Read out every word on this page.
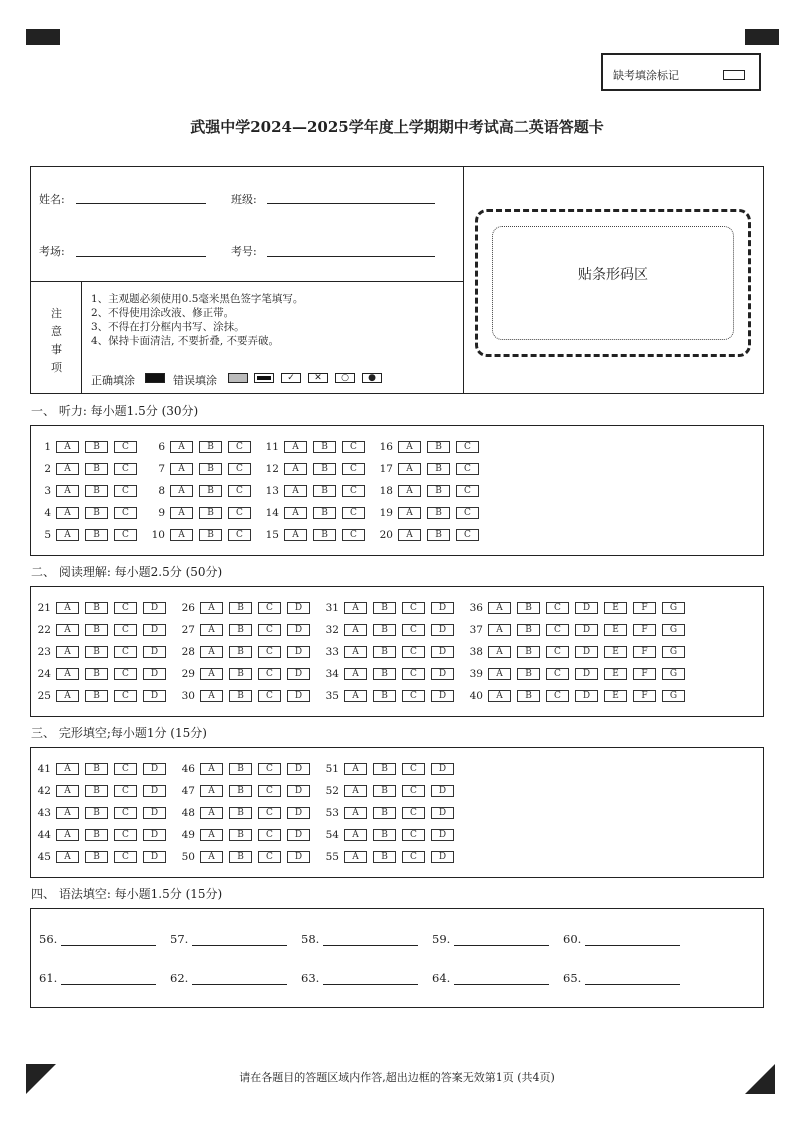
缺考填涂标记
武强中学2024—2025学年度上学期期中考试高二英语答题卡
姓名:	班级:
考场:	考号:
注
意
事
项
1、主观题必须使用0.5毫米黑色签字笔填写。
2、不得使用涂改液、修正带。
3、不得在打分框内书写、涂抹。
4、保持卡面清洁, 不要折叠, 不要弄破。
正确填涂	错误填涂	✓	✕	○	●
贴条形码区
一、 听力: 每小题1.5分 (30分)
1	A	B	C
2	A	B	C
3	A	B	C
4	A	B	C
5	A	B	C
6	A	B	C
7	A	B	C
8	A	B	C
9	A	B	C
10	A	B	C
11	A	B	C
12	A	B	C
13	A	B	C
14	A	B	C
15	A	B	C
16	A	B	C
17	A	B	C
18	A	B	C
19	A	B	C
20	A	B	C
二、 阅读理解: 每小题2.5分 (50分)
21	A	B	C	D
22	A	B	C	D
23	A	B	C	D
24	A	B	C	D
25	A	B	C	D
26	A	B	C	D
27	A	B	C	D
28	A	B	C	D
29	A	B	C	D
30	A	B	C	D
31	A	B	C	D
32	A	B	C	D
33	A	B	C	D
34	A	B	C	D
35	A	B	C	D
36	A	B	C	D	E	F	G
37	A	B	C	D	E	F	G
38	A	B	C	D	E	F	G
39	A	B	C	D	E	F	G
40	A	B	C	D	E	F	G
三、 完形填空;每小题1分 (15分)
41	A	B	C	D
42	A	B	C	D
43	A	B	C	D
44	A	B	C	D
45	A	B	C	D
46	A	B	C	D
47	A	B	C	D
48	A	B	C	D
49	A	B	C	D
50	A	B	C	D
51	A	B	C	D
52	A	B	C	D
53	A	B	C	D
54	A	B	C	D
55	A	B	C	D
四、 语法填空: 每小题1.5分 (15分)
56.	57.	58.	59.	60.
61.	62.	63.	64.	65.
请在各题目的答题区域内作答,超出边框的答案无效第1页 (共4页)
